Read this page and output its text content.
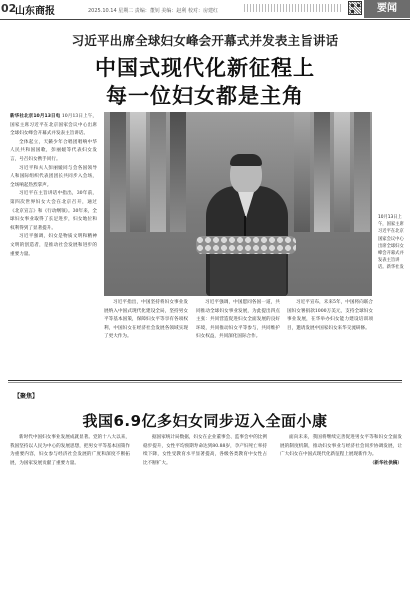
02
山东商报	2025.10.14 星期二 责编：董钊 美编：赵利 校对：房建红	要闻
习近平出席全球妇女峰会开幕式并发表主旨讲话
中国式现代化新征程上
每一位妇女都是主角

新华社北京10月13日电 10月13日上午，国家主席习近平在北京国家会议中心出席全球妇女峰会开幕式并发表主旨讲话。

全体起立，天籁少年合唱团唱响中华人民共和国国歌，彭丽媛等代表妇女发言，号召妇女携手同行。

习近平和夫人彭丽媛同与会各国领导人和国际组织代表团团长共同步入会场，全场响起热烈掌声。

习近平在主旨讲话中指出，30年前，第四次世界妇女大会在北京召开，通过《北京宣言》和《行动纲领》。30年来，全球妇女事业取得了长足进步，妇女地位和权利得到了显著提升。

习近平强调，妇女是物质文明和精神文明的创造者，是推动社会发展和进步的重要力量。

10月13日上午，国家主席习近平在北京国家会议中心出席全球妇女峰会开幕式并发表主旨讲话。新华社发

习近平指出，中国坚持将妇女事业发展纳入中国式现代化建设全局，坚持男女平等基本国策，保障妇女平等享有各项权利，中国妇女在经济社会发展各领域实现了更大作为。

习近平强调，中国愿同各国一道，共同推动全球妇女事业发展，为此提出四点主张：共同营造促进妇女全面发展的良好环境，共同推动妇女平等参与，共同维护妇女权益，共同深化国际合作。

习近平宣布，未来5年，中国将向联合国妇女署捐款1000万美元，支持全球妇女事业发展，在华举办妇女能力建设培训项目，邀请发展中国家妇女来华交流研修。

【聚焦】
我国6.9亿多妇女同步迈入全面小康

新时代中国妇女事业发展成就显著。党的十八大以来，我国坚持以人民为中心的发展思想，把男女平等基本国策作为重要内容，妇女参与经济社会发展的广度和深度不断拓展，为国家发展贡献了重要力量。

据国家统计局数据，妇女在企业董事会、监事会中的比例稳步提升，女性平均预期寿命达到80.88岁，孕产妇死亡率持续下降，女性受教育水平显著提高，各级各类教育中女性占比不断扩大。

面向未来，我国将继续完善促进男女平等和妇女全面发展的制度机制，推动妇女事业与经济社会同步协调发展，让广大妇女在中国式现代化新征程上展现新作为。

（新华社供稿）
